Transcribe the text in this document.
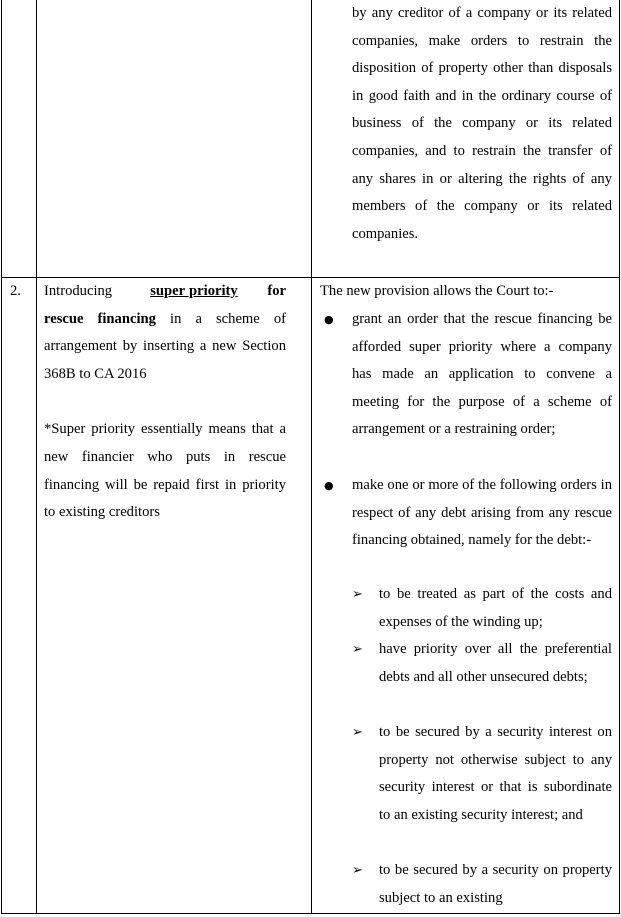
by any creditor of a company or its related companies, make orders to restrain the disposition of property other than disposals in good faith and in the ordinary course of business of the company or its related companies, and to restrain the transfer of any shares in or altering the rights of any members of the company or its related companies.
2. Introducing	super priority for rescue financing in a scheme of arrangement by inserting a new Section 368B to CA 2016

*Super priority essentially means that a new financier who puts in rescue financing will be repaid first in priority to existing creditors

The new provision allows the Court to:-
● grant an order that the rescue financing be afforded super priority where a company has made an application to convene a meeting for the purpose of a scheme of arrangement or a restraining order;
● make one or more of the following orders in respect of any debt arising from any rescue financing obtained, namely for the debt:-
➢ to be treated as part of the costs and expenses of the winding up;
➢ have priority over all the preferential debts and all other unsecured debts;
➢ to be secured by a security interest on property not otherwise subject to any security interest or that is subordinate to an existing security interest; and
➢ to be secured by a security on property subject to an existing
